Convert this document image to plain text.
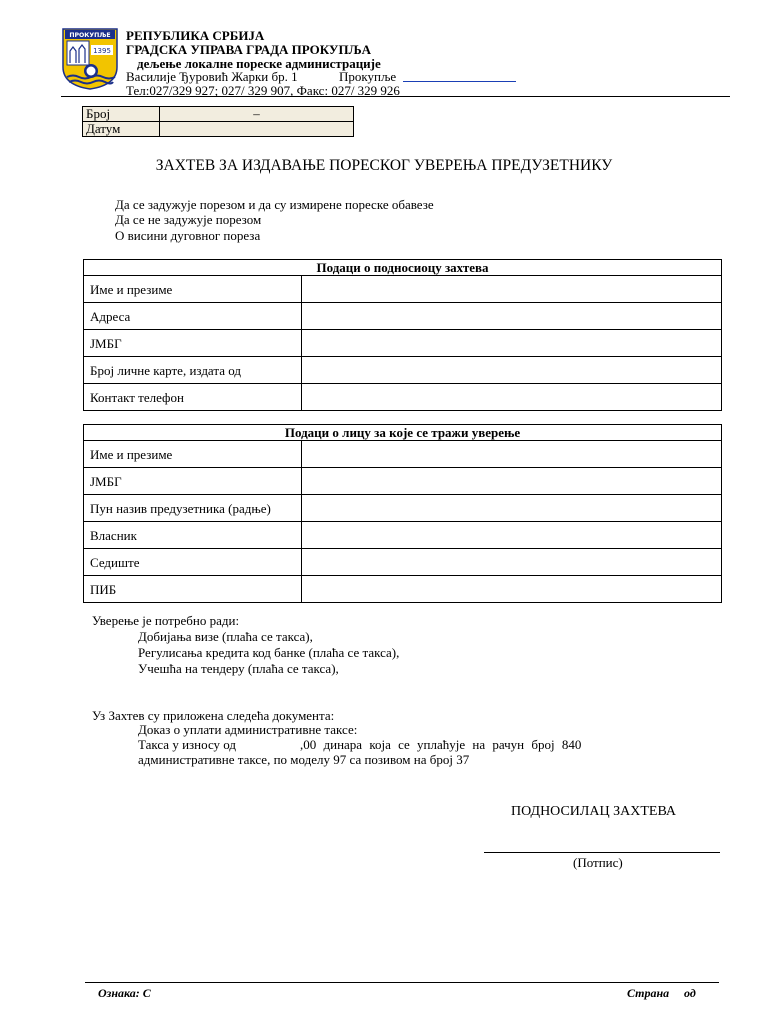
ПРОКУПЉЕ
1395
РЕПУБЛИКА СРБИЈА
ГРАДСКА УПРАВА ГРАДА ПРОКУПЉА
дељење локалне пореске администрације
Василије Ђуровић Жарки бр. 1	Прокупље
Тел:027/329 927; 027/ 329 907, Факс: 027/ 329 926
Број	–
Датум	
ЗАХТЕВ ЗА ИЗДАВАЊЕ ПОРЕСКОГ УВЕРЕЊА ПРЕДУЗЕТНИКУ
Да се задужује порезом и да су измирене пореске обавезе
Да се не задужује порезом
О висини дуговног пореза
Подаци о подносиоцу захтева	
Име и презиме	
Адреса	
ЈМБГ	
Број личне карте, издата од	
Контакт телефон	
Подаци о лицу за које се тражи уверење	
Име и презиме	
ЈМБГ	
Пун назив предузетника (радње)	
Власник	
Седиште	
ПИБ	
Уверење је потребно ради:
Добијања визе (плаћа се такса),
Регулисања кредита код банке (плаћа се такса),
Учешћа на тендеру (плаћа се такса),
Уз Захтев су приложена следећа документа:
Доказ о уплати административне таксе:
Такса у износу од	,00 динара која се уплаћује на рачун број 840
административне таксе, по моделу 97 са позивом на број 37
ПОДНОСИЛАЦ ЗАХТЕВА
(Потпис)
Ознака: С	Страна од
